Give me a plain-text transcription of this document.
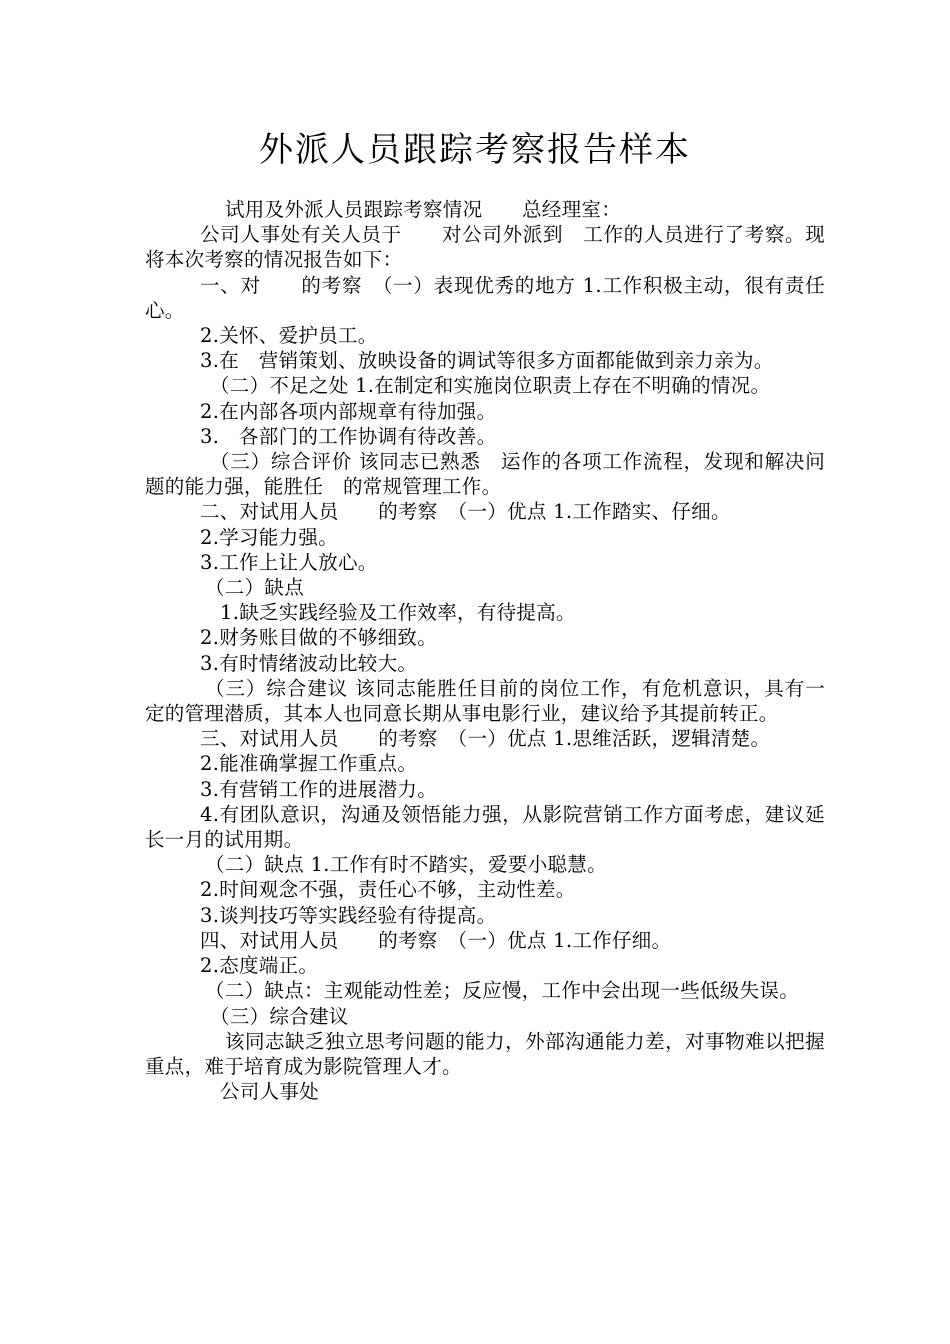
外派人员跟踪考察报告样本

试用及外派人员跟踪考察情况　　总经理室：

公司人事处有关人员于　　对公司外派到　工作的人员进行了考察。现将本次考察的情况报告如下：

一、对　　的考察　（一）表现优秀的地方 1.工作积极主动，很有责任心。

2.关怀、爱护员工。

3.在　营销策划、放映设备的调试等很多方面都能做到亲力亲为。

（二）不足之处 1.在制定和实施岗位职责上存在不明确的情况。

2.在内部各项内部规章有待加强。

3.　各部门的工作协调有待改善。

（三）综合评价 该同志已熟悉　运作的各项工作流程，发现和解决问题的能力强，能胜任　的常规管理工作。

二、对试用人员　　的考察　（一）优点 1.工作踏实、仔细。

2.学习能力强。

3.工作上让人放心。

（二）缺点

1.缺乏实践经验及工作效率，有待提高。

2.财务账目做的不够细致。

3.有时情绪波动比较大。

（三）综合建议 该同志能胜任目前的岗位工作，有危机意识，具有一定的管理潜质，其本人也同意长期从事电影行业，建议给予其提前转正。

三、对试用人员　　的考察　（一）优点 1.思维活跃，逻辑清楚。

2.能准确掌握工作重点。

3.有营销工作的进展潜力。

4.有团队意识，沟通及领悟能力强，从影院营销工作方面考虑，建议延长一月的试用期。

（二）缺点 1.工作有时不踏实，爱要小聪慧。

2.时间观念不强，责任心不够，主动性差。

3.谈判技巧等实践经验有待提高。

四、对试用人员　　的考察　（一）优点 1.工作仔细。

2.态度端正。

（二）缺点：主观能动性差；反应慢，工作中会出现一些低级失误。

（三）综合建议

该同志缺乏独立思考问题的能力，外部沟通能力差，对事物难以把握重点，难于培育成为影院管理人才。

公司人事处
